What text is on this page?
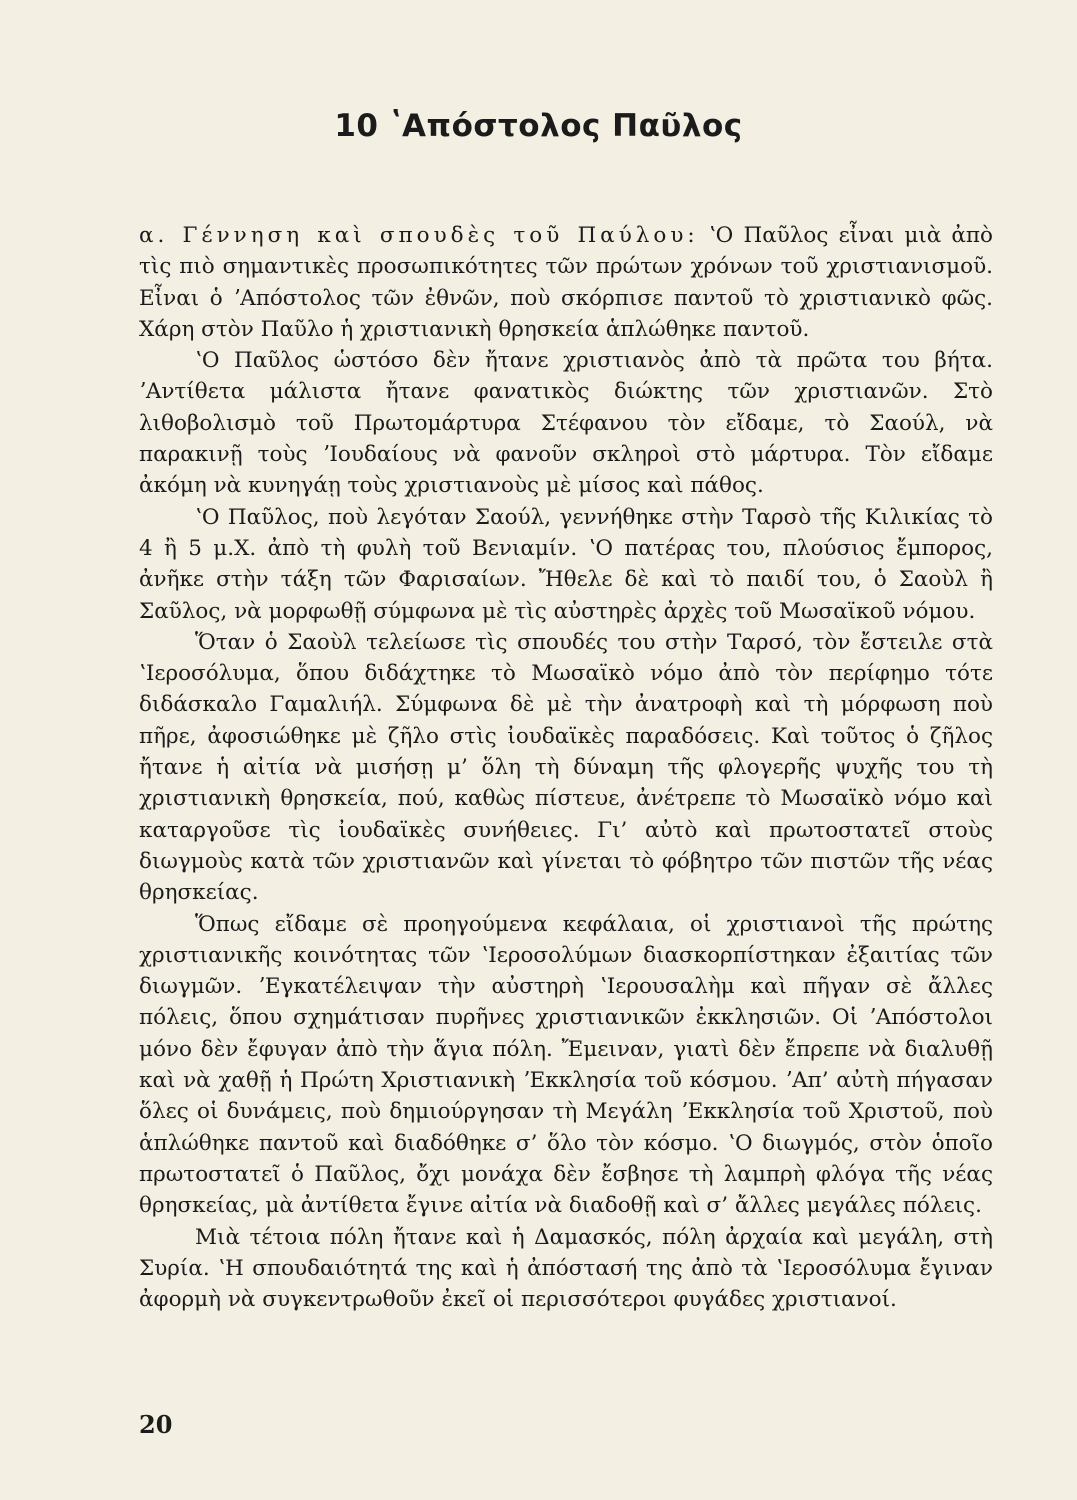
10 ʽΑπόστολος Παῦλος

α. Γέννηση καὶ σπουδὲς τοῦ Παύλου: ʽΟ Παῦλος εἶναι μιὰ ἀπὸ τὶς πιὸ σημαντικὲς προσωπικότητες τῶν πρώτων χρόνων τοῦ χριστιανισμοῦ. Εἶναι ὁ ʼΑπόστολος τῶν ἐθνῶν, ποὺ σκόρπισε παντοῦ τὸ χριστιανικὸ φῶς. Χάρη στὸν Παῦλο ἡ χριστιανικὴ θρησκεία ἁπλώθηκε παντοῦ.

ʽΟ Παῦλος ὡστόσο δὲν ἤτανε χριστιανὸς ἀπὸ τὰ πρῶτα του βήτα. ʼΑντίθετα μάλιστα ἤτανε φανατικὸς διώκτης τῶν χριστιανῶν. Στὸ λιθοβολισμὸ τοῦ Πρωτομάρτυρα Στέφανου τὸν εἴδαμε, τὸ Σαούλ, νὰ παρακινῇ τοὺς ʼΙουδαίους νὰ φανοῦν σκληροὶ στὸ μάρτυρα. Τὸν εἴδαμε ἀκόμη νὰ κυνηγάῃ τοὺς χριστιανοὺς μὲ μίσος καὶ πάθος.

ʽΟ Παῦλος, ποὺ λεγόταν Σαούλ, γεννήθηκε στὴν Ταρσὸ τῆς Κιλικίας τὸ 4 ἢ 5 μ.Χ. ἀπὸ τὴ φυλὴ τοῦ Βενιαμίν. ʽΟ πατέρας του, πλούσιος ἔμπορος, ἀνῆκε στὴν τάξη τῶν Φαρισαίων. Ἤθελε δὲ καὶ τὸ παιδί του, ὁ Σαοὺλ ἢ Σαῦλος, νὰ μορφωθῇ σύμφωνα μὲ τὶς αὐστηρὲς ἀρχὲς τοῦ Μωσαϊκοῦ νόμου.

Ὅταν ὁ Σαοὺλ τελείωσε τὶς σπουδές του στὴν Ταρσό, τὸν ἔστειλε στὰ ʽΙεροσόλυμα, ὅπου διδάχτηκε τὸ Μωσαϊκὸ νόμο ἀπὸ τὸν περίφημο τότε διδάσκαλο Γαμαλιήλ. Σύμφωνα δὲ μὲ τὴν ἀνατροφὴ καὶ τὴ μόρφωση ποὺ πῆρε, ἀφοσιώθηκε μὲ ζῆλο στὶς ἰουδαϊκὲς παραδόσεις. Καὶ τοῦτος ὁ ζῆλος ἤτανε ἡ αἰτία νὰ μισήσῃ μ’ ὅλη τὴ δύναμη τῆς φλογερῆς ψυχῆς του τὴ χριστιανικὴ θρησκεία, πού, καθὼς πίστευε, ἀνέτρεπε τὸ Μωσαϊκὸ νόμο καὶ καταργοῦσε τὶς ἰουδαϊκὲς συνήθειες. Γι’ αὐτὸ καὶ πρωτοστατεῖ στοὺς διωγμοὺς κατὰ τῶν χριστιανῶν καὶ γίνεται τὸ φόβητρο τῶν πιστῶν τῆς νέας θρησκείας.

Ὅπως εἴδαμε σὲ προηγούμενα κεφάλαια, οἱ χριστιανοὶ τῆς πρώτης χριστιανικῆς κοινότητας τῶν ʽΙεροσολύμων διασκορπίστηκαν ἐξαιτίας τῶν διωγμῶν. ʼΕγκατέλειψαν τὴν αὐστηρὴ ʽΙερουσαλὴμ καὶ πῆγαν σὲ ἄλλες πόλεις, ὅπου σχημάτισαν πυρῆνες χριστιανικῶν ἐκκλησιῶν. Οἱ ʼΑπόστολοι μόνο δὲν ἔφυγαν ἀπὸ τὴν ἅγια πόλη. Ἔμειναν, γιατὶ δὲν ἔπρεπε νὰ διαλυθῇ καὶ νὰ χαθῇ ἡ Πρώτη Χριστιανικὴ ʼΕκκλησία τοῦ κόσμου. ʼΑπ’ αὐτὴ πήγασαν ὅλες οἱ δυνάμεις, ποὺ δημιούργησαν τὴ Μεγάλη ʼΕκκλησία τοῦ Χριστοῦ, ποὺ ἁπλώθηκε παντοῦ καὶ διαδόθηκε σ’ ὅλο τὸν κόσμο. ʽΟ διωγμός, στὸν ὁποῖο πρωτοστατεῖ ὁ Παῦλος, ὄχι μονάχα δὲν ἔσβησε τὴ λαμπρὴ φλόγα τῆς νέας θρησκείας, μὰ ἀντίθετα ἔγινε αἰτία νὰ διαδοθῇ καὶ σ’ ἄλλες μεγάλες πόλεις.

Μιὰ τέτοια πόλη ἤτανε καὶ ἡ Δαμασκός, πόλη ἀρχαία καὶ μεγάλη, στὴ Συρία. ʽΗ σπουδαιότητά της καὶ ἡ ἀπόστασή της ἀπὸ τὰ ʽΙεροσόλυμα ἔγιναν ἀφορμὴ νὰ συγκεντρωθοῦν ἐκεῖ οἱ περισσότεροι φυγάδες χριστιανοί.

20
